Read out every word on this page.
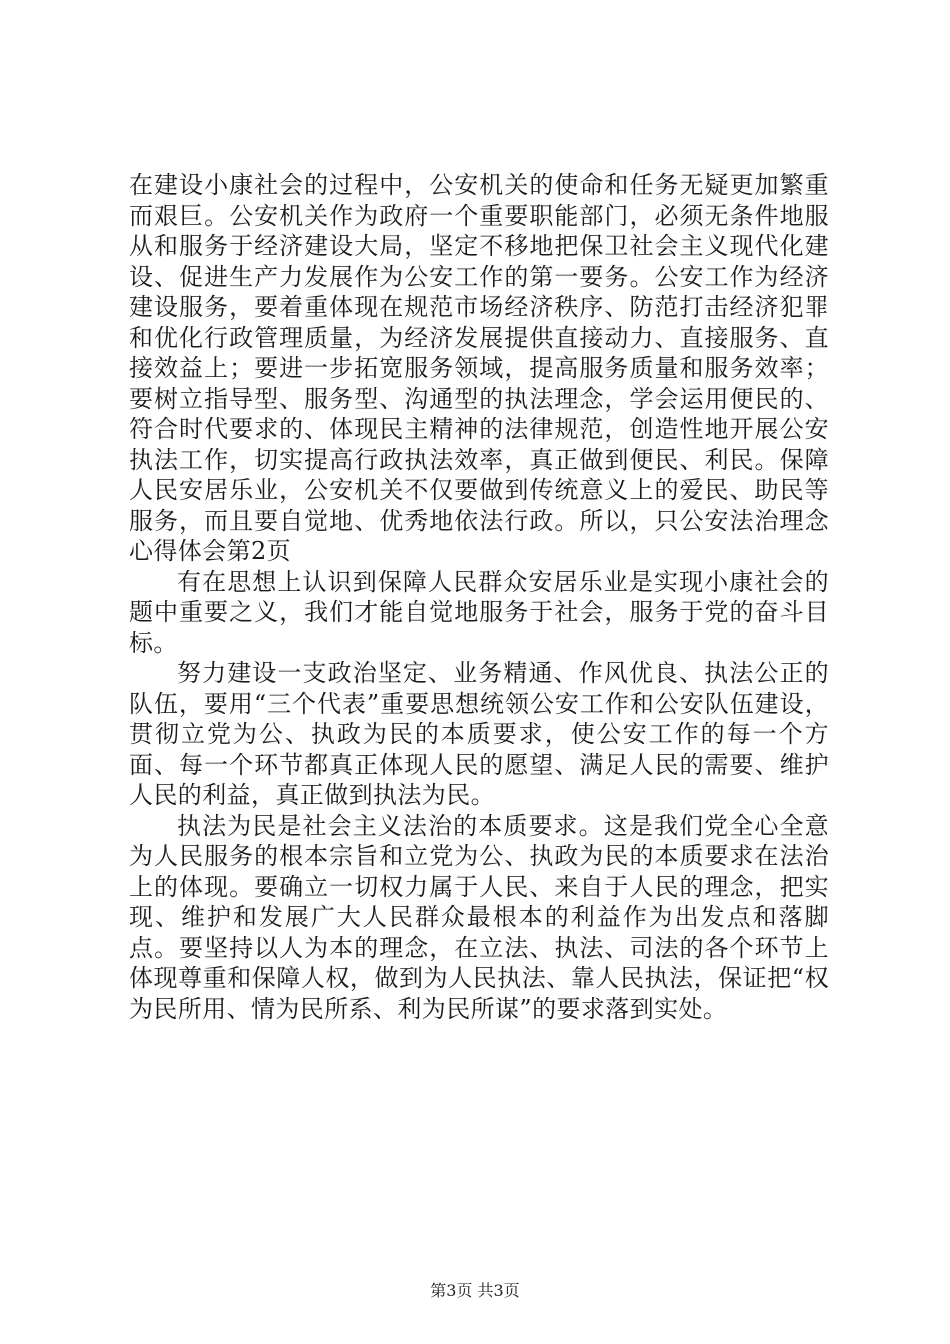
在建设小康社会的过程中，公安机关的使命和任务无疑更加繁重而艰巨。公安机关作为政府一个重要职能部门，必须无条件地服从和服务于经济建设大局，坚定不移地把保卫社会主义现代化建设、促进生产力发展作为公安工作的第一要务。公安工作为经济建设服务，要着重体现在规范市场经济秩序、防范打击经济犯罪和优化行政管理质量，为经济发展提供直接动力、直接服务、直接效益上；要进一步拓宽服务领域，提高服务质量和服务效率；要树立指导型、服务型、沟通型的执法理念，学会运用便民的、符合时代要求的、体现民主精神的法律规范，创造性地开展公安执法工作，切实提高行政执法效率，真正做到便民、利民。保障人民安居乐业，公安机关不仅要做到传统意义上的爱民、助民等服务，而且要自觉地、优秀地依法行政。所以，只公安法治理念心得体会第2页

有在思想上认识到保障人民群众安居乐业是实现小康社会的题中重要之义，我们才能自觉地服务于社会，服务于党的奋斗目标。

努力建设一支政治坚定、业务精通、作风优良、执法公正的队伍，要用“三个代表”重要思想统领公安工作和公安队伍建设，贯彻立党为公、执政为民的本质要求，使公安工作的每一个方面、每一个环节都真正体现人民的愿望、满足人民的需要、维护人民的利益，真正做到执法为民。

执法为民是社会主义法治的本质要求。这是我们党全心全意为人民服务的根本宗旨和立党为公、执政为民的本质要求在法治上的体现。要确立一切权力属于人民、来自于人民的理念，把实现、维护和发展广大人民群众最根本的利益作为出发点和落脚点。要坚持以人为本的理念，在立法、执法、司法的各个环节上体现尊重和保障人权，做到为人民执法、靠人民执法，保证把“权为民所用、情为民所系、利为民所谋”的要求落到实处。

第3页 共3页
